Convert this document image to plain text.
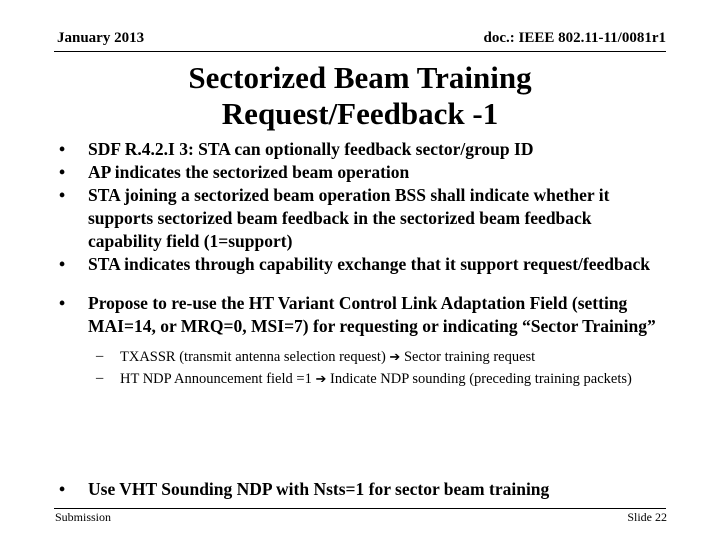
January 2013	doc.: IEEE 802.11-11/0081r1
Sectorized Beam Training
Request/Feedback -1
• SDF R.4.2.I 3: STA can optionally feedback sector/group ID
• AP indicates the sectorized beam operation
• STA joining a sectorized beam operation BSS shall indicate whether it supports sectorized beam feedback in the sectorized beam feedback capability field (1=support)
• STA indicates through capability exchange that it support request/feedback
• Propose to re-use the HT Variant Control Link Adaptation Field (setting MAI=14, or MRQ=0, MSI=7) for requesting or indicating “Sector Training”
– TXASSR (transmit antenna selection request) ➔ Sector training request
– HT NDP Announcement field =1 ➔ Indicate NDP sounding (preceding training packets)
• Use VHT Sounding NDP with Nsts=1 for sector beam training
Submission	Slide 22
